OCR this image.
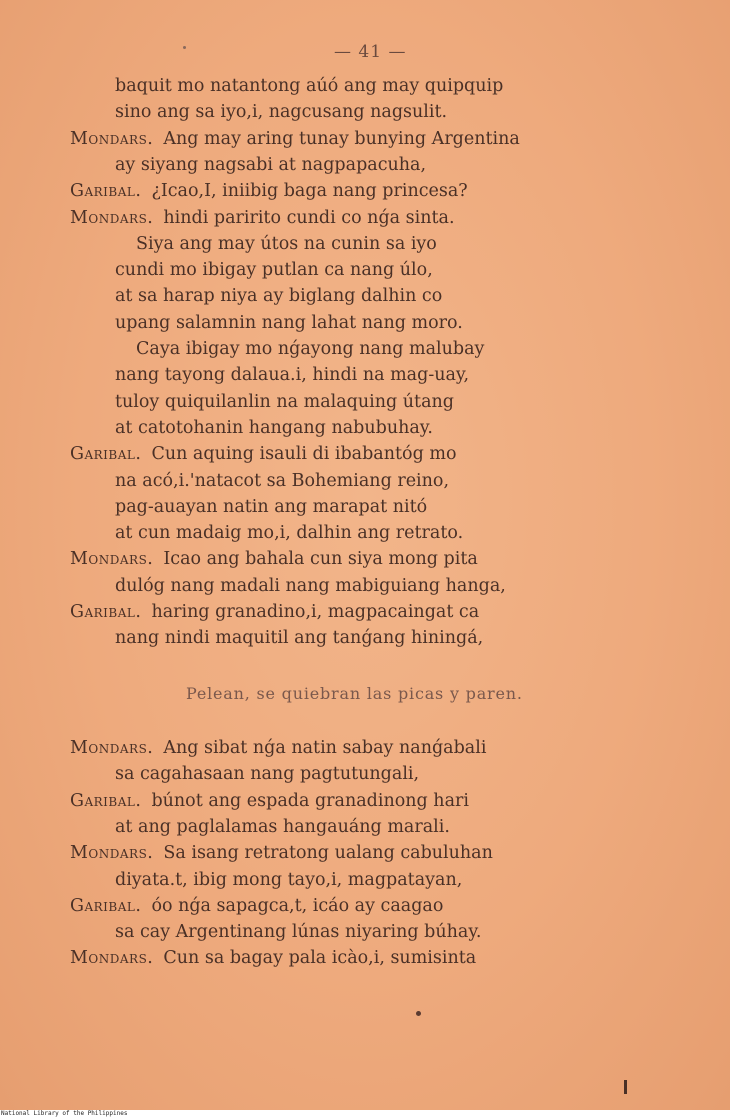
— 41 —
baquit mo natantong aúó ang may quipquip
sino ang sa iyo,i, nagcusang nagsulit.
Mondars. Ang may aring tunay bunying Argentina
ay siyang nagsabi at nagpapacuha,
Garibal. ¿Icao,I, iniibig baga nang princesa?
Mondars. hindi paririto cundi co nǵa sinta.
Siya ang may útos na cunin sa iyo
cundi mo ibigay putlan ca nang úlo,
at sa harap niya ay biglang dalhin co
upang salamnin nang lahat nang moro.
Caya ibigay mo nǵayong nang malubay
nang tayong dalaua.i, hindi na mag-uay,
tuloy quiquilanlin na malaquing útang
at catotohanin hangang nabubuhay.
Garibal. Cun aquing isauli di ibabantóg mo
na acó,i.'natacot sa Bohemiang reino,
pag-auayan natin ang marapat nitó
at cun madaig mo,i, dalhin ang retrato.
Mondars. Icao ang bahala cun siya mong pita
dulóg nang madali nang mabiguiang hanga,
Garibal. haring granadino,i, magpacaingat ca
nang nindi maquitil ang tanǵang hiningá,
Mondars. Ang sibat nǵa natin sabay nanǵabali
sa cagahasaan nang pagtutungali,
Garibal. búnot ang espada granadinong hari
at ang paglalamas hangauáng marali.
Mondars. Sa isang retratong ualang cabuluhan
diyata.t, ibig mong tayo,i, magpatayan,
Garibal. óo nǵa sapagca,t, icáo ay caagao
sa cay Argentinang lúnas niyaring búhay.
Mondars. Cun sa bagay pala icào,i, sumisinta
Pelean, se quiebran las picas y paren.
National Library of the Philippines
